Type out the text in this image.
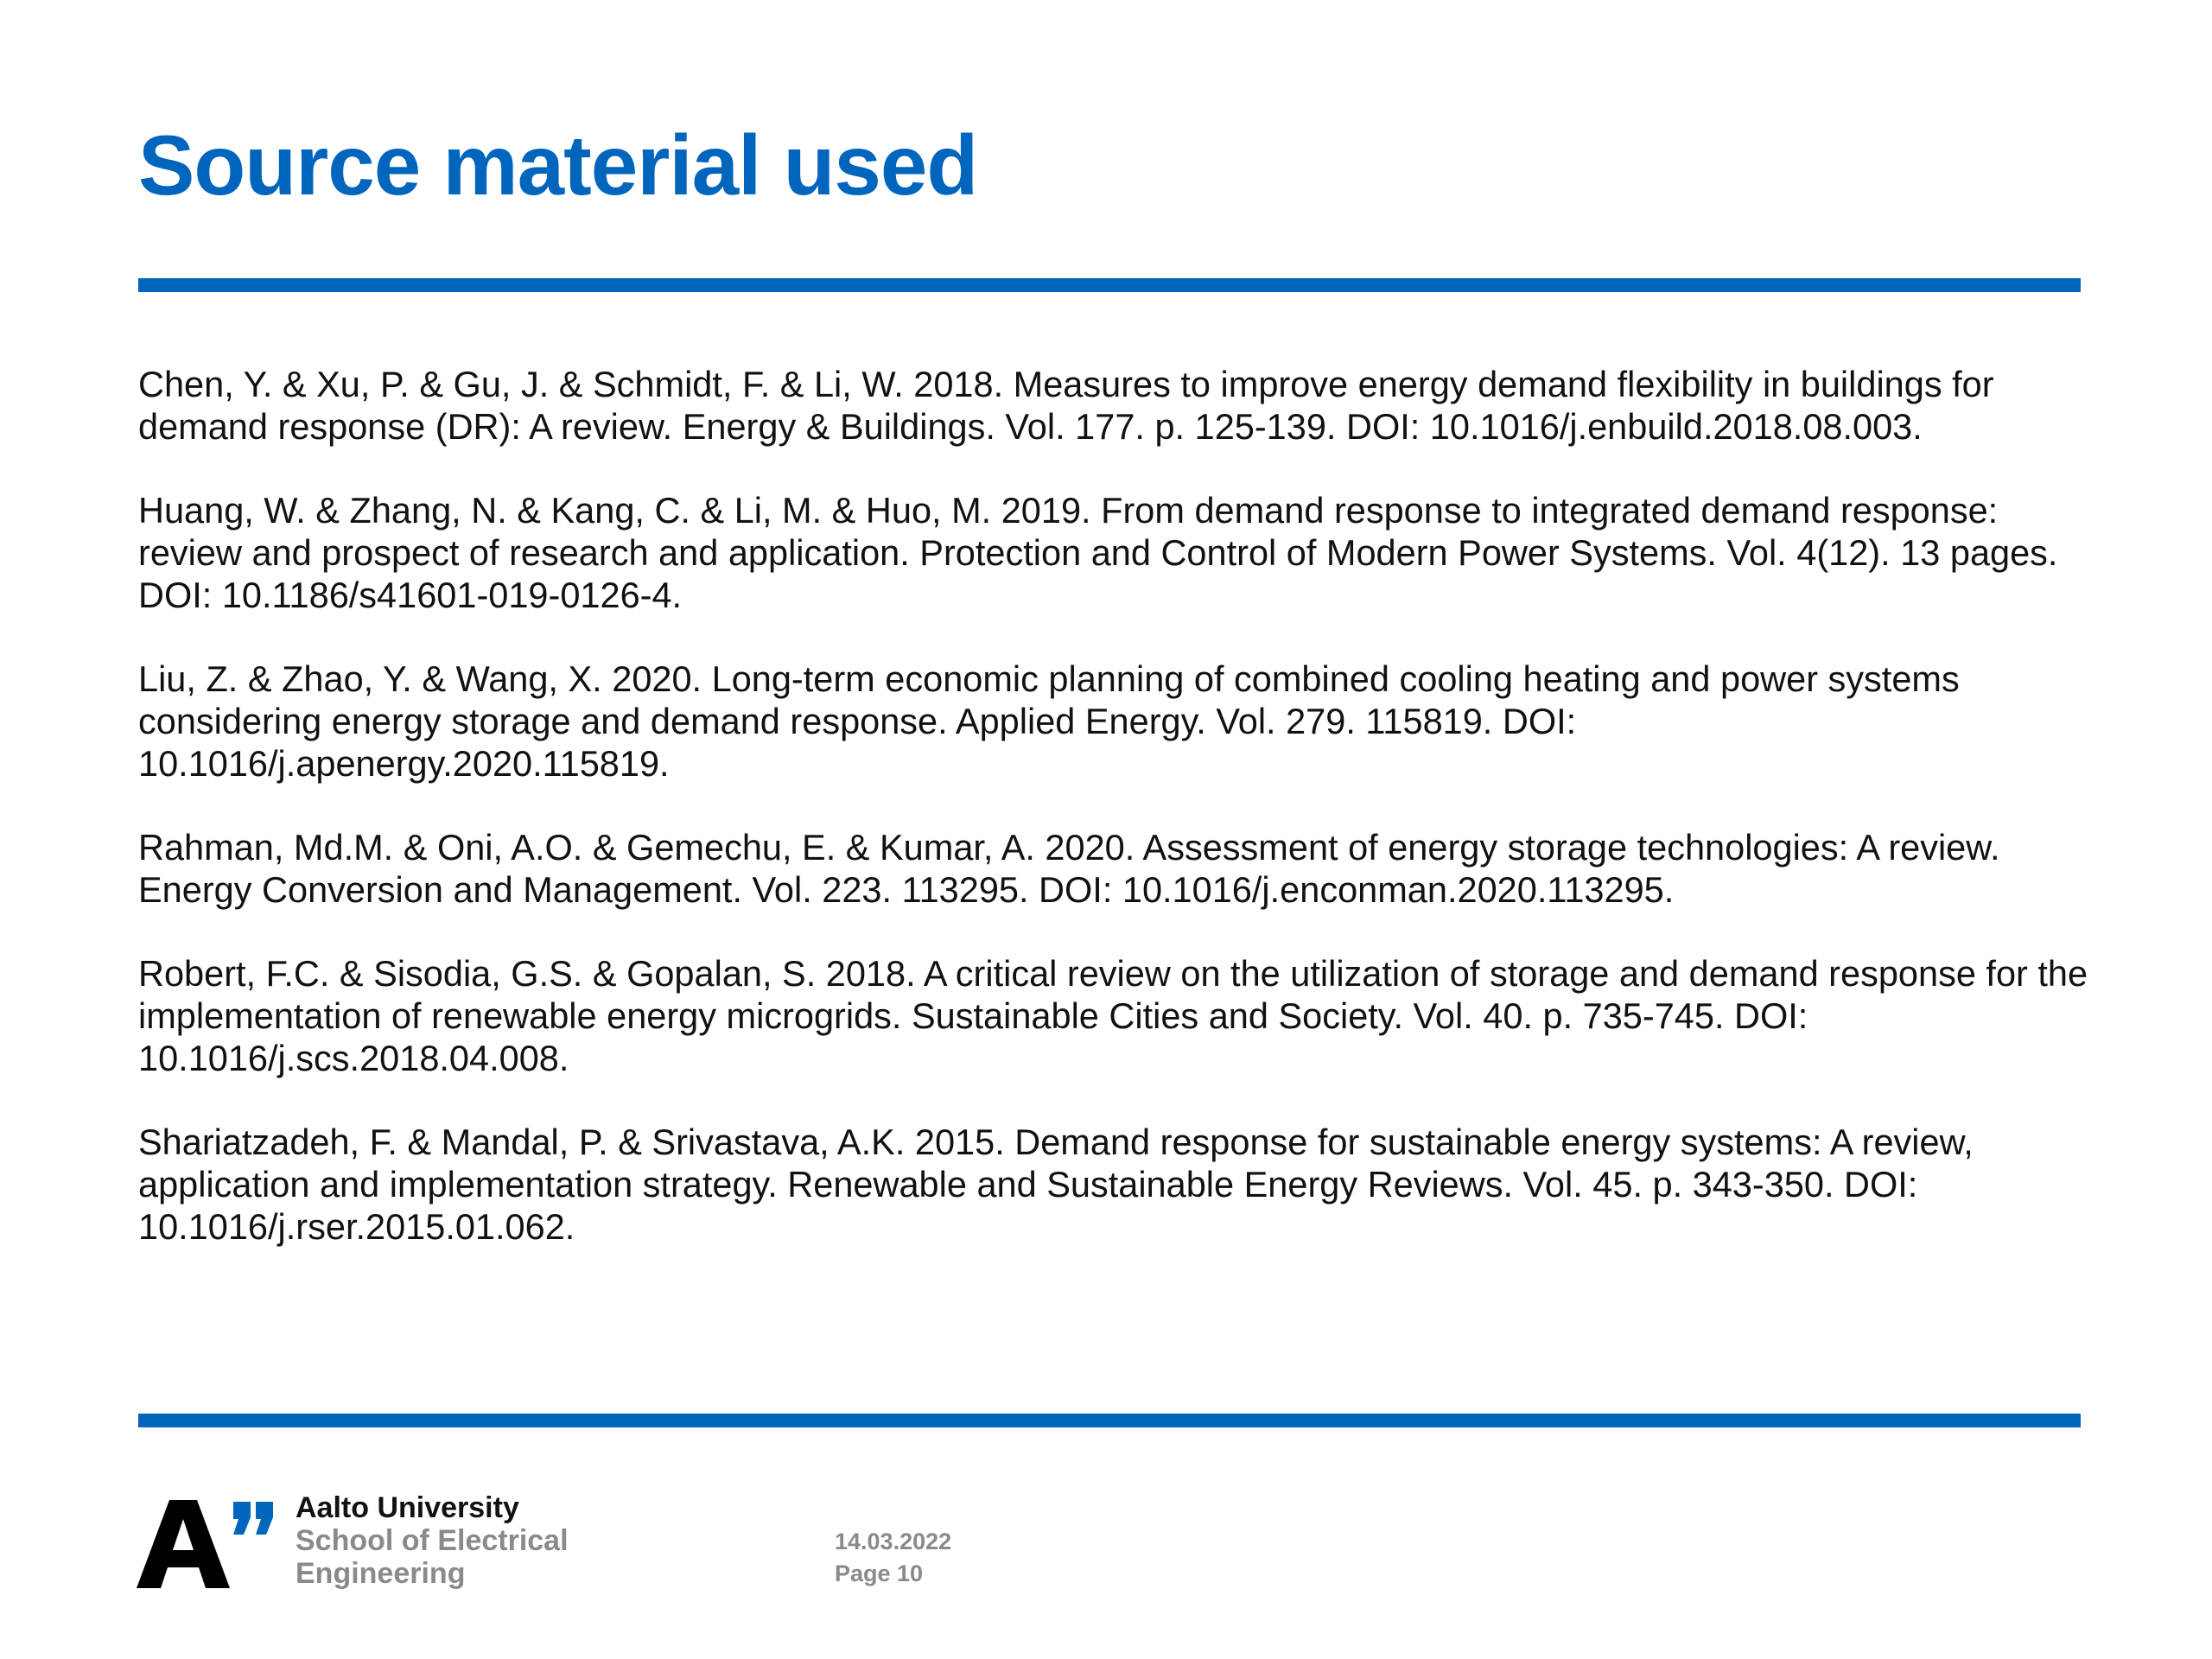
Source material used
Chen, Y. & Xu, P. & Gu, J. & Schmidt, F. & Li, W. 2018. Measures to improve energy demand flexibility in buildings for demand response (DR): A review. Energy & Buildings. Vol. 177. p. 125-139. DOI: 10.1016/j.enbuild.2018.08.003.
Huang, W. & Zhang, N. & Kang, C. & Li, M. & Huo, M. 2019. From demand response to integrated demand response: review and prospect of research and application. Protection and Control of Modern Power Systems. Vol. 4(12). 13 pages. DOI: 10.1186/s41601-019-0126-4.
Liu, Z. & Zhao, Y. & Wang, X. 2020. Long-term economic planning of combined cooling heating and power systems considering energy storage and demand response. Applied Energy. Vol. 279. 115819. DOI: 10.1016/j.apenergy.2020.115819.
Rahman, Md.M. & Oni, A.O. & Gemechu, E. & Kumar, A. 2020. Assessment of energy storage technologies: A review. Energy Conversion and Management. Vol. 223. 113295. DOI: 10.1016/j.enconman.2020.113295.
Robert, F.C. & Sisodia, G.S. & Gopalan, S. 2018. A critical review on the utilization of storage and demand response for the implementation of renewable energy microgrids. Sustainable Cities and Society. Vol. 40. p. 735-745. DOI: 10.1016/j.scs.2018.04.008.
Shariatzadeh, F. & Mandal, P. & Srivastava, A.K. 2015. Demand response for sustainable energy systems: A review, application and implementation strategy. Renewable and Sustainable Energy Reviews. Vol. 45. p. 343-350. DOI: 10.1016/j.rser.2015.01.062.
Aalto University
School of Electrical
Engineering
14.03.2022
Page 10
